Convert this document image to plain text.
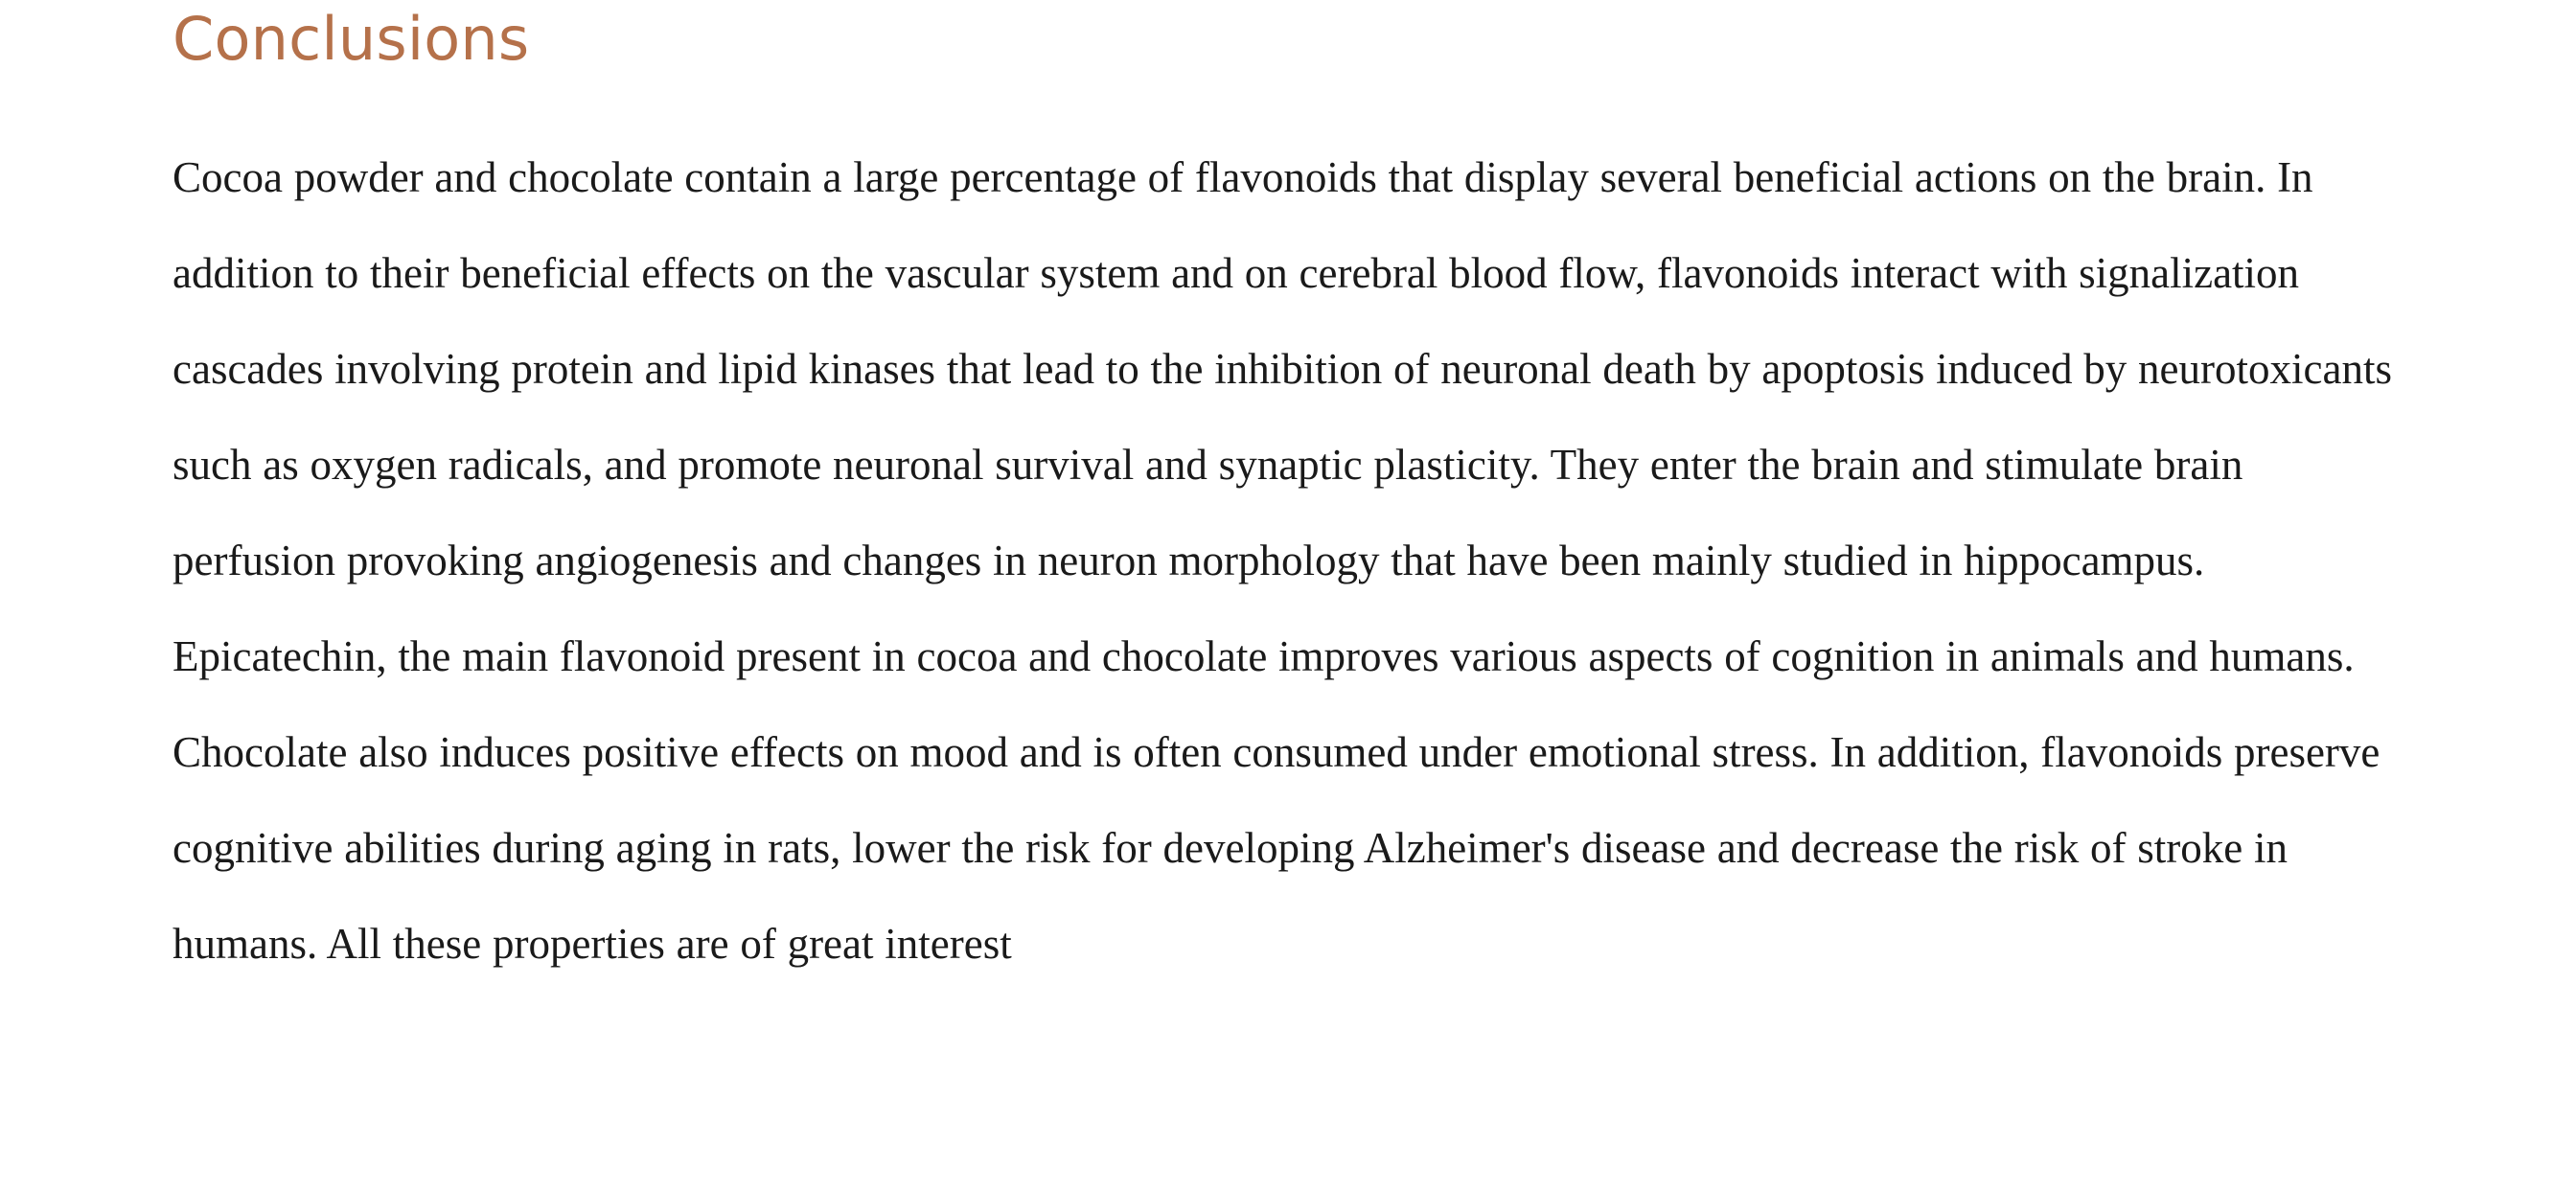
Conclusions

Cocoa powder and chocolate contain a large percentage of flavonoids that display several beneficial actions on the brain. In addition to their beneficial effects on the vascular system and on cerebral blood flow, flavonoids interact with signalization cascades involving protein and lipid kinases that lead to the inhibition of neuronal death by apoptosis induced by neurotoxicants such as oxygen radicals, and promote neuronal survival and synaptic plasticity. They enter the brain and stimulate brain perfusion provoking angiogenesis and changes in neuron morphology that have been mainly studied in hippocampus. Epicatechin, the main flavonoid present in cocoa and chocolate improves various aspects of cognition in animals and humans. Chocolate also induces positive effects on mood and is often consumed under emotional stress. In addition, flavonoids preserve cognitive abilities during aging in rats, lower the risk for developing Alzheimer's disease and decrease the risk of stroke in humans. All these properties are of great interest
